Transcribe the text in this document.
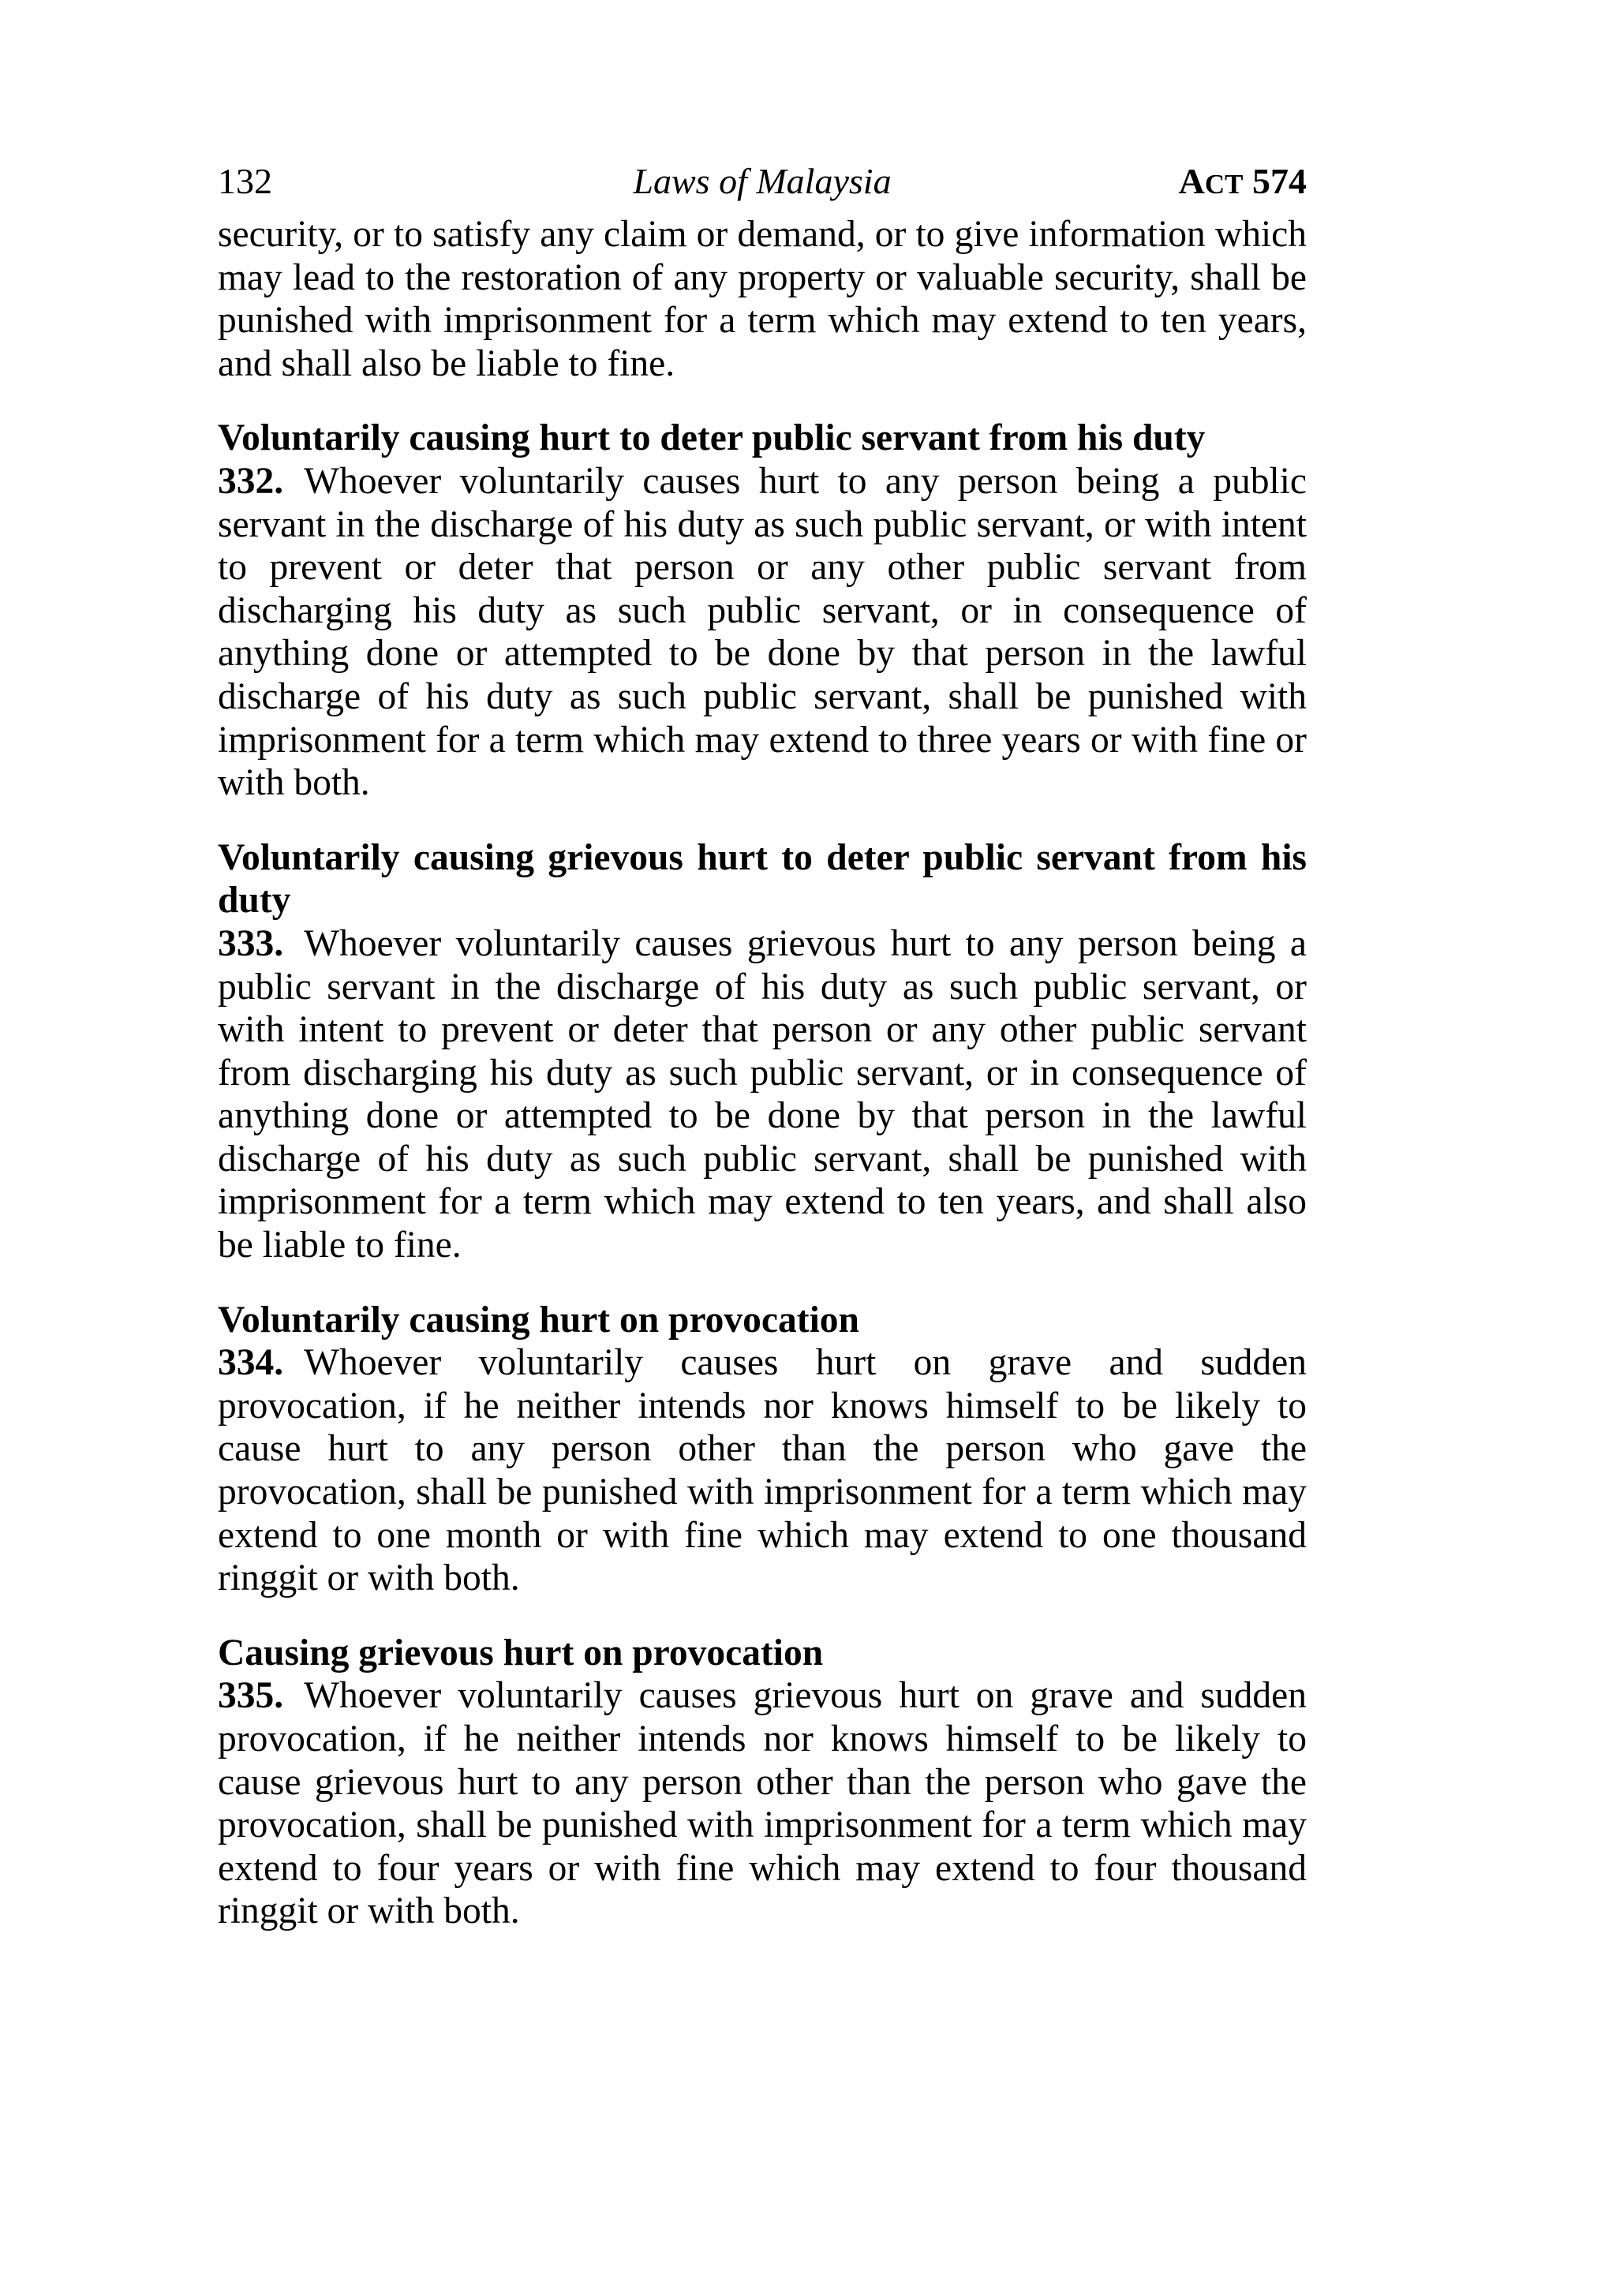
132	Laws of Malaysia	ACT 574

security, or to satisfy any claim or demand, or to give information which may lead to the restoration of any property or valuable security, shall be punished with imprisonment for a term which may extend to ten years, and shall also be liable to fine.

Voluntarily causing hurt to deter public servant from his duty

332. Whoever voluntarily causes hurt to any person being a public servant in the discharge of his duty as such public servant, or with intent to prevent or deter that person or any other public servant from discharging his duty as such public servant, or in consequence of anything done or attempted to be done by that person in the lawful discharge of his duty as such public servant, shall be punished with imprisonment for a term which may extend to three years or with fine or with both.

Voluntarily causing grievous hurt to deter public servant from his duty

333. Whoever voluntarily causes grievous hurt to any person being a public servant in the discharge of his duty as such public servant, or with intent to prevent or deter that person or any other public servant from discharging his duty as such public servant, or in consequence of anything done or attempted to be done by that person in the lawful discharge of his duty as such public servant, shall be punished with imprisonment for a term which may extend to ten years, and shall also be liable to fine.

Voluntarily causing hurt on provocation

334. Whoever voluntarily causes hurt on grave and sudden provocation, if he neither intends nor knows himself to be likely to cause hurt to any person other than the person who gave the provocation, shall be punished with imprisonment for a term which may extend to one month or with fine which may extend to one thousand ringgit or with both.

Causing grievous hurt on provocation

335. Whoever voluntarily causes grievous hurt on grave and sudden provocation, if he neither intends nor knows himself to be likely to cause grievous hurt to any person other than the person who gave the provocation, shall be punished with imprisonment for a term which may extend to four years or with fine which may extend to four thousand ringgit or with both.
